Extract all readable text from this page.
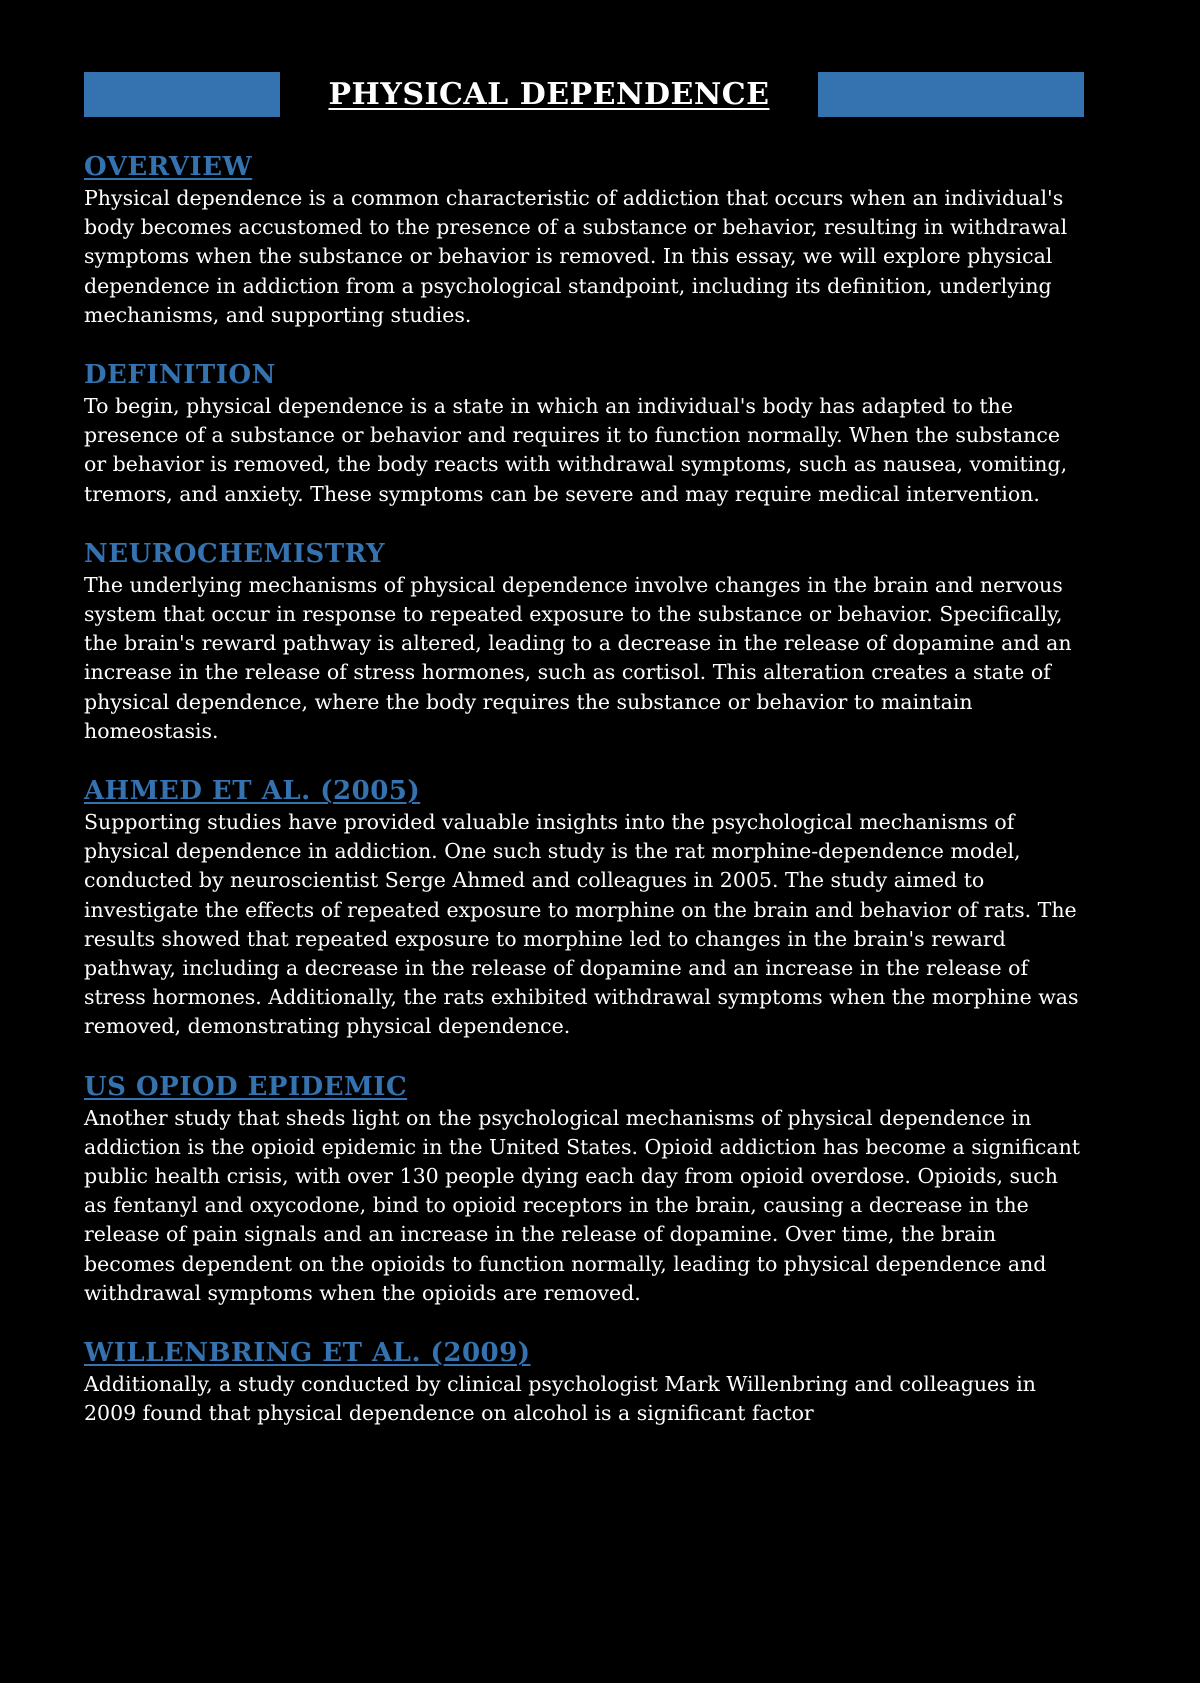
PHYSICAL DEPENDENCE
OVERVIEW

Physical dependence is a common characteristic of addiction that occurs when an individual's body becomes accustomed to the presence of a substance or behavior, resulting in withdrawal symptoms when the substance or behavior is removed. In this essay, we will explore physical dependence in addiction from a psychological standpoint, including its definition, underlying mechanisms, and supporting studies.

DEFINITION

To begin, physical dependence is a state in which an individual's body has adapted to the presence of a substance or behavior and requires it to function normally. When the substance or behavior is removed, the body reacts with withdrawal symptoms, such as nausea, vomiting, tremors, and anxiety. These symptoms can be severe and may require medical intervention.

NEUROCHEMISTRY

The underlying mechanisms of physical dependence involve changes in the brain and nervous system that occur in response to repeated exposure to the substance or behavior. Specifically, the brain's reward pathway is altered, leading to a decrease in the release of dopamine and an increase in the release of stress hormones, such as cortisol. This alteration creates a state of physical dependence, where the body requires the substance or behavior to maintain homeostasis.

AHMED ET AL. (2005)

Supporting studies have provided valuable insights into the psychological mechanisms of physical dependence in addiction. One such study is the rat morphine-dependence model, conducted by neuroscientist Serge Ahmed and colleagues in 2005. The study aimed to investigate the effects of repeated exposure to morphine on the brain and behavior of rats. The results showed that repeated exposure to morphine led to changes in the brain's reward pathway, including a decrease in the release of dopamine and an increase in the release of stress hormones. Additionally, the rats exhibited withdrawal symptoms when the morphine was removed, demonstrating physical dependence.

US OPIOD EPIDEMIC

Another study that sheds light on the psychological mechanisms of physical dependence in addiction is the opioid epidemic in the United States. Opioid addiction has become a significant public health crisis, with over 130 people dying each day from opioid overdose. Opioids, such as fentanyl and oxycodone, bind to opioid receptors in the brain, causing a decrease in the release of pain signals and an increase in the release of dopamine. Over time, the brain becomes dependent on the opioids to function normally, leading to physical dependence and withdrawal symptoms when the opioids are removed.

WILLENBRING ET AL. (2009)

Additionally, a study conducted by clinical psychologist Mark Willenbring and colleagues in 2009 found that physical dependence on alcohol is a significant factor
